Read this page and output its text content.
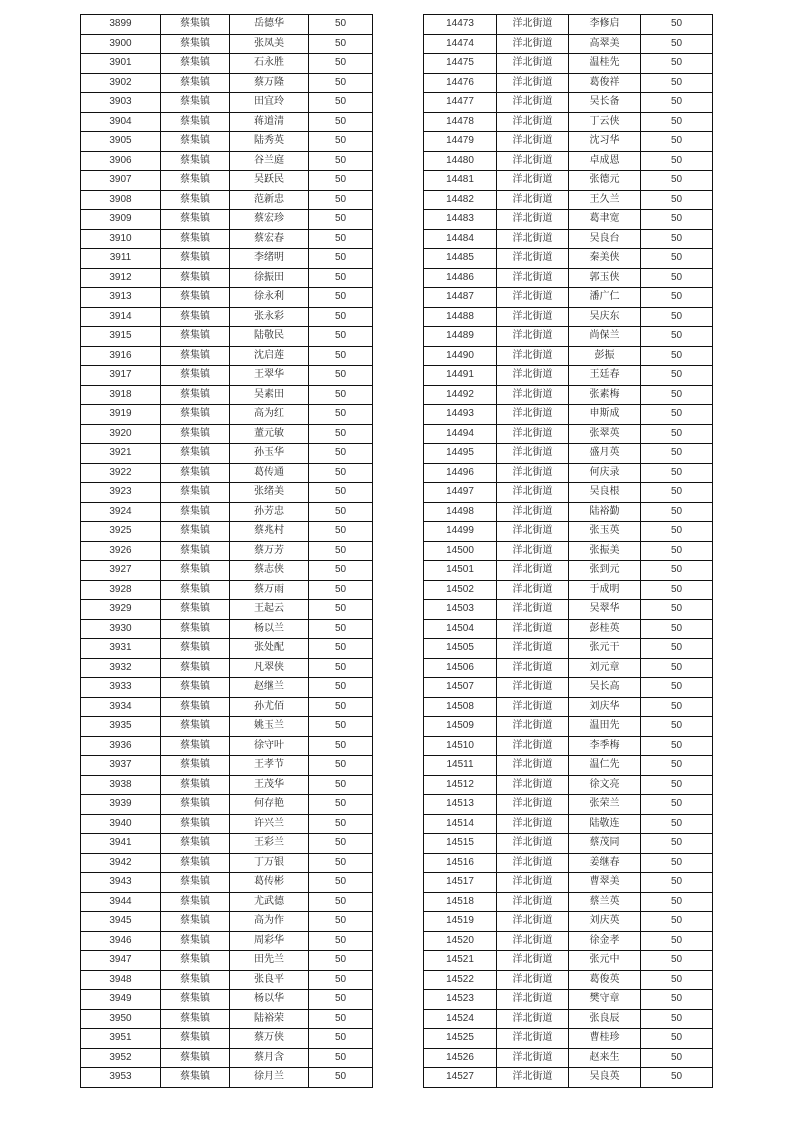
3899	蔡集镇	岳德华	50
3900	蔡集镇	张凤美	50
3901	蔡集镇	石永胜	50
3902	蔡集镇	蔡万隆	50
3903	蔡集镇	田宜玲	50
3904	蔡集镇	蒋道清	50
3905	蔡集镇	陆秀英	50
3906	蔡集镇	谷兰庭	50
3907	蔡集镇	吴跃民	50
3908	蔡集镇	范新忠	50
3909	蔡集镇	蔡宏珍	50
3910	蔡集镇	蔡宏春	50
3911	蔡集镇	李绪明	50
3912	蔡集镇	徐振田	50
3913	蔡集镇	徐永利	50
3914	蔡集镇	张永彩	50
3915	蔡集镇	陆敬民	50
3916	蔡集镇	沈启莲	50
3917	蔡集镇	王翠华	50
3918	蔡集镇	吴素田	50
3919	蔡集镇	高为红	50
3920	蔡集镇	董元敏	50
3921	蔡集镇	孙玉华	50
3922	蔡集镇	葛传通	50
3923	蔡集镇	张绪美	50
3924	蔡集镇	孙芳忠	50
3925	蔡集镇	蔡兆村	50
3926	蔡集镇	蔡万芳	50
3927	蔡集镇	蔡志侠	50
3928	蔡集镇	蔡万雨	50
3929	蔡集镇	王起云	50
3930	蔡集镇	杨以兰	50
3931	蔡集镇	张处配	50
3932	蔡集镇	凡翠侠	50
3933	蔡集镇	赵继兰	50
3934	蔡集镇	孙尤佰	50
3935	蔡集镇	姚玉兰	50
3936	蔡集镇	徐守叶	50
3937	蔡集镇	王孝节	50
3938	蔡集镇	王茂华	50
3939	蔡集镇	何存艳	50
3940	蔡集镇	许兴兰	50
3941	蔡集镇	王彩兰	50
3942	蔡集镇	丁万银	50
3943	蔡集镇	葛传彬	50
3944	蔡集镇	尤武德	50
3945	蔡集镇	高为作	50
3946	蔡集镇	周彩华	50
3947	蔡集镇	田先兰	50
3948	蔡集镇	张良平	50
3949	蔡集镇	杨以华	50
3950	蔡集镇	陆裕荣	50
3951	蔡集镇	蔡万侠	50
3952	蔡集镇	蔡月含	50
3953	蔡集镇	徐月兰	50
14473	洋北街道	李修启	50
14474	洋北街道	高翠美	50
14475	洋北街道	温桂先	50
14476	洋北街道	葛俊祥	50
14477	洋北街道	吴长备	50
14478	洋北街道	丁云侠	50
14479	洋北街道	沈习华	50
14480	洋北街道	卓成恩	50
14481	洋北街道	张德元	50
14482	洋北街道	王久兰	50
14483	洋北街道	葛聿宽	50
14484	洋北街道	吴良台	50
14485	洋北街道	秦美侠	50
14486	洋北街道	郭玉侠	50
14487	洋北街道	潘广仁	50
14488	洋北街道	吴庆东	50
14489	洋北街道	尚保兰	50
14490	洋北街道	彭振	50
14491	洋北街道	王廷春	50
14492	洋北街道	张素梅	50
14493	洋北街道	申斯成	50
14494	洋北街道	张翠英	50
14495	洋北街道	盛月英	50
14496	洋北街道	何庆录	50
14497	洋北街道	吴良根	50
14498	洋北街道	陆裕勤	50
14499	洋北街道	张玉英	50
14500	洋北街道	张振美	50
14501	洋北街道	张到元	50
14502	洋北街道	于成明	50
14503	洋北街道	吴翠华	50
14504	洋北街道	彭桂英	50
14505	洋北街道	张元干	50
14506	洋北街道	刘元章	50
14507	洋北街道	吴长高	50
14508	洋北街道	刘庆华	50
14509	洋北街道	温田先	50
14510	洋北街道	李季梅	50
14511	洋北街道	温仁先	50
14512	洋北街道	徐文亮	50
14513	洋北街道	张荣兰	50
14514	洋北街道	陆敬连	50
14515	洋北街道	蔡茂同	50
14516	洋北街道	姜继春	50
14517	洋北街道	曹翠美	50
14518	洋北街道	蔡兰英	50
14519	洋北街道	刘庆英	50
14520	洋北街道	徐金孝	50
14521	洋北街道	张元中	50
14522	洋北街道	葛俊英	50
14523	洋北街道	樊守章	50
14524	洋北街道	张良辰	50
14525	洋北街道	曹桂珍	50
14526	洋北街道	赵来生	50
14527	洋北街道	吴良英	50
